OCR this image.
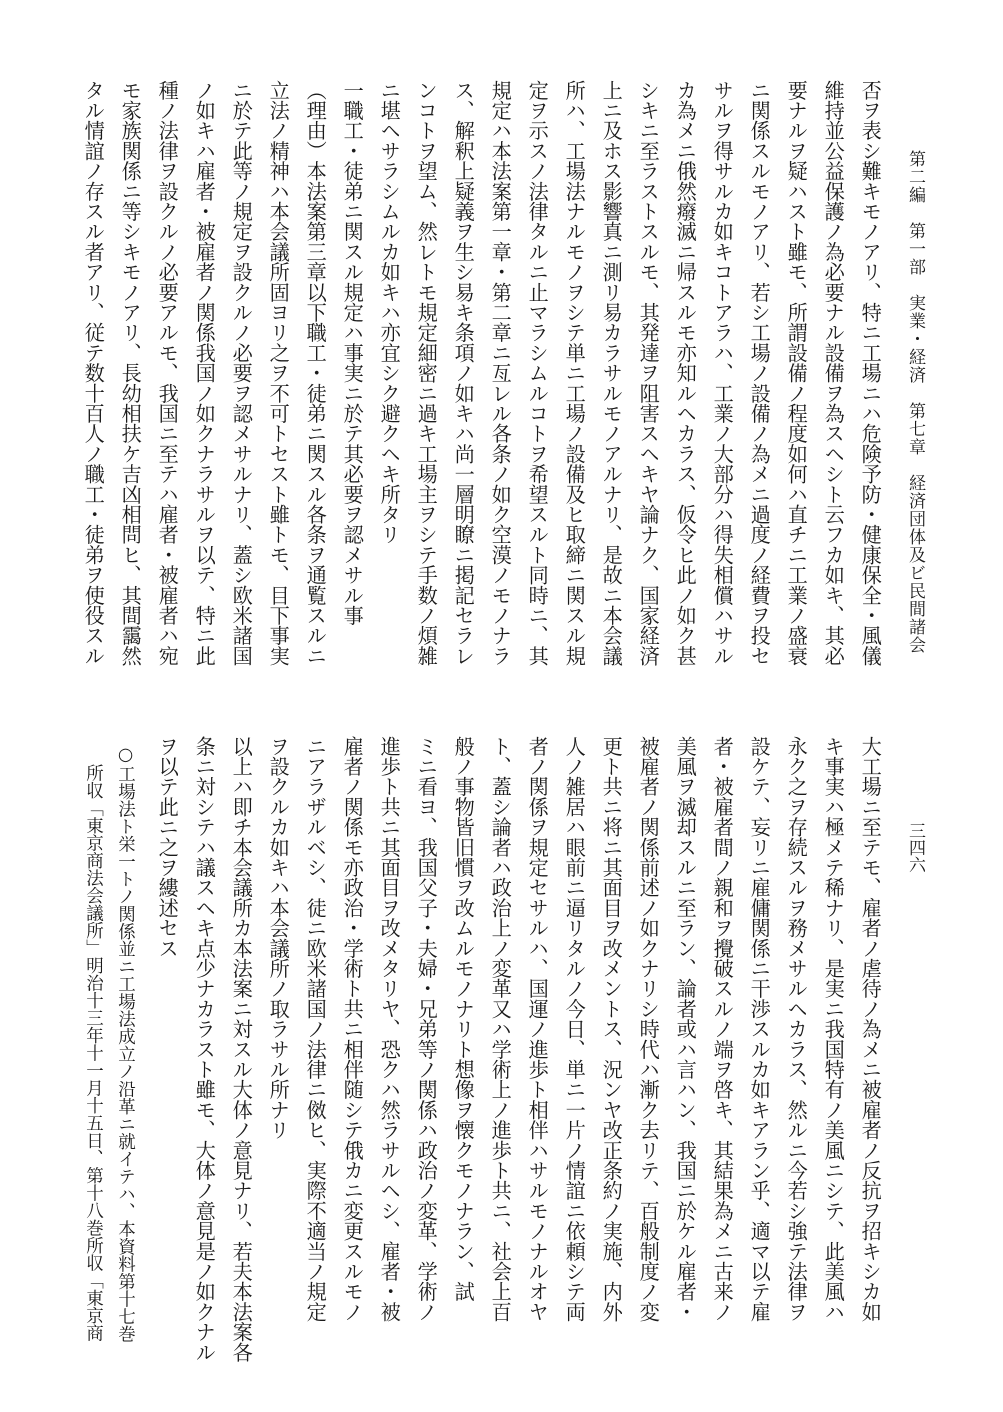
第二編　第一部　実業・経済　第七章　経済団体及ビ民間諸会
三四六
否ヲ表シ難キモノアリ、特ニ工場ニハ危険予防・健康保全・風儀
維持並公益保護ノ為必要ナル設備ヲ為スヘシト云フカ如キ、其必
要ナルヲ疑ハスト雖モ、所謂設備ノ程度如何ハ直チニ工業ノ盛衰
ニ関係スルモノアリ、若シ工場ノ設備ノ為メニ過度ノ経費ヲ投セ
サルヲ得サルカ如キコトアラハ、工業ノ大部分ハ得失相償ハサル
カ為メニ俄然癈滅ニ帰スルモ亦知ルヘカラス、仮令ヒ此ノ如ク甚
シキニ至ラストスルモ、其発達ヲ阻害スヘキヤ論ナク、国家経済
上ニ及ホス影響真ニ測リ易カラサルモノアルナリ、是故ニ本会議
所ハ、工場法ナルモノヲシテ単ニ工場ノ設備及ヒ取締ニ関スル規
定ヲ示スノ法律タルニ止マラシムルコトヲ希望スルト同時ニ、其
規定ハ本法案第一章・第二章ニ亙レル各条ノ如ク空漠ノモノナラ
ス、解釈上疑義ヲ生シ易キ条項ノ如キハ尚一層明瞭ニ掲記セラレ
ンコトヲ望ム、然レトモ規定細密ニ過キ工場主ヲシテ手数ノ煩雑
ニ堪ヘサラシムルカ如キハ亦宜シク避クヘキ所タリ
一職工・徒弟ニ関スル規定ハ事実ニ於テ其必要ヲ認メサル事
（理由）本法案第三章以下職工・徒弟ニ関スル各条ヲ通覧スルニ
立法ノ精神ハ本会議所固ヨリ之ヲ不可トセスト雖トモ、目下事実
ニ於テ此等ノ規定ヲ設クルノ必要ヲ認メサルナリ、蓋シ欧米諸国
ノ如キハ雇者・被雇者ノ関係我国ノ如クナラサルヲ以テ、特ニ此
種ノ法律ヲ設クルノ必要アルモ、我国ニ至テハ雇者・被雇者ハ宛
モ家族関係ニ等シキモノアリ、長幼相扶ケ吉凶相問ヒ、其間靄然
タル情誼ノ存スル者アリ、従テ数十百人ノ職工・徒弟ヲ使役スル
大工場ニ至テモ、雇者ノ虐待ノ為メニ被雇者ノ反抗ヲ招キシカ如
キ事実ハ極メテ稀ナリ、是実ニ我国特有ノ美風ニシテ、此美風ハ
永ク之ヲ存続スルヲ務メサルヘカラス、然ルニ今若シ強テ法律ヲ
設ケテ、妄リニ雇傭関係ニ干渉スルカ如キアラン乎、適マ以テ雇
者・被雇者間ノ親和ヲ攪破スルノ端ヲ啓キ、其結果為メニ古来ノ
美風ヲ滅却スルニ至ラン、論者或ハ言ハン、我国ニ於ケル雇者・
被雇者ノ関係前述ノ如クナリシ時代ハ漸ク去リテ、百般制度ノ変
更ト共ニ将ニ其面目ヲ改メントス、況ンヤ改正条約ノ実施、内外
人ノ雑居ハ眼前ニ逼リタルノ今日、単ニ一片ノ情誼ニ依頼シテ両
者ノ関係ヲ規定セサルハ、国運ノ進歩ト相伴ハサルモノナルオヤ
ト、蓋シ論者ハ政治上ノ変革又ハ学術上ノ進歩ト共ニ、社会上百
般ノ事物皆旧慣ヲ改ムルモノナリト想像ヲ懐クモノナラン、試
ミニ看ヨ、我国父子・夫婦・兄弟等ノ関係ハ政治ノ変革、学術ノ
進歩ト共ニ其面目ヲ改メタリヤ、恐クハ然ラサルヘシ、雇者・被
雇者ノ関係モ亦政治・学術ト共ニ相伴随シテ俄カニ変更スルモノ
ニアラザルベシ、徒ニ欧米諸国ノ法律ニ傚ヒ、実際不適当ノ規定
ヲ設クルカ如キハ本会議所ノ取ラサル所ナリ
以上ハ即チ本会議所カ本法案ニ対スル大体ノ意見ナリ、若夫本法案各
条ニ対シテハ議スヘキ点少ナカラスト雖モ、大体ノ意見是ノ如クナル
ヲ以テ此ニ之ヲ縷述セス
○工場法ト栄一トノ関係並ニ工場法成立ノ沿革ニ就イテハ、本資料第十七巻
所収「東京商法会議所」明治十三年十一月十五日、第十八巻所収「東京商
